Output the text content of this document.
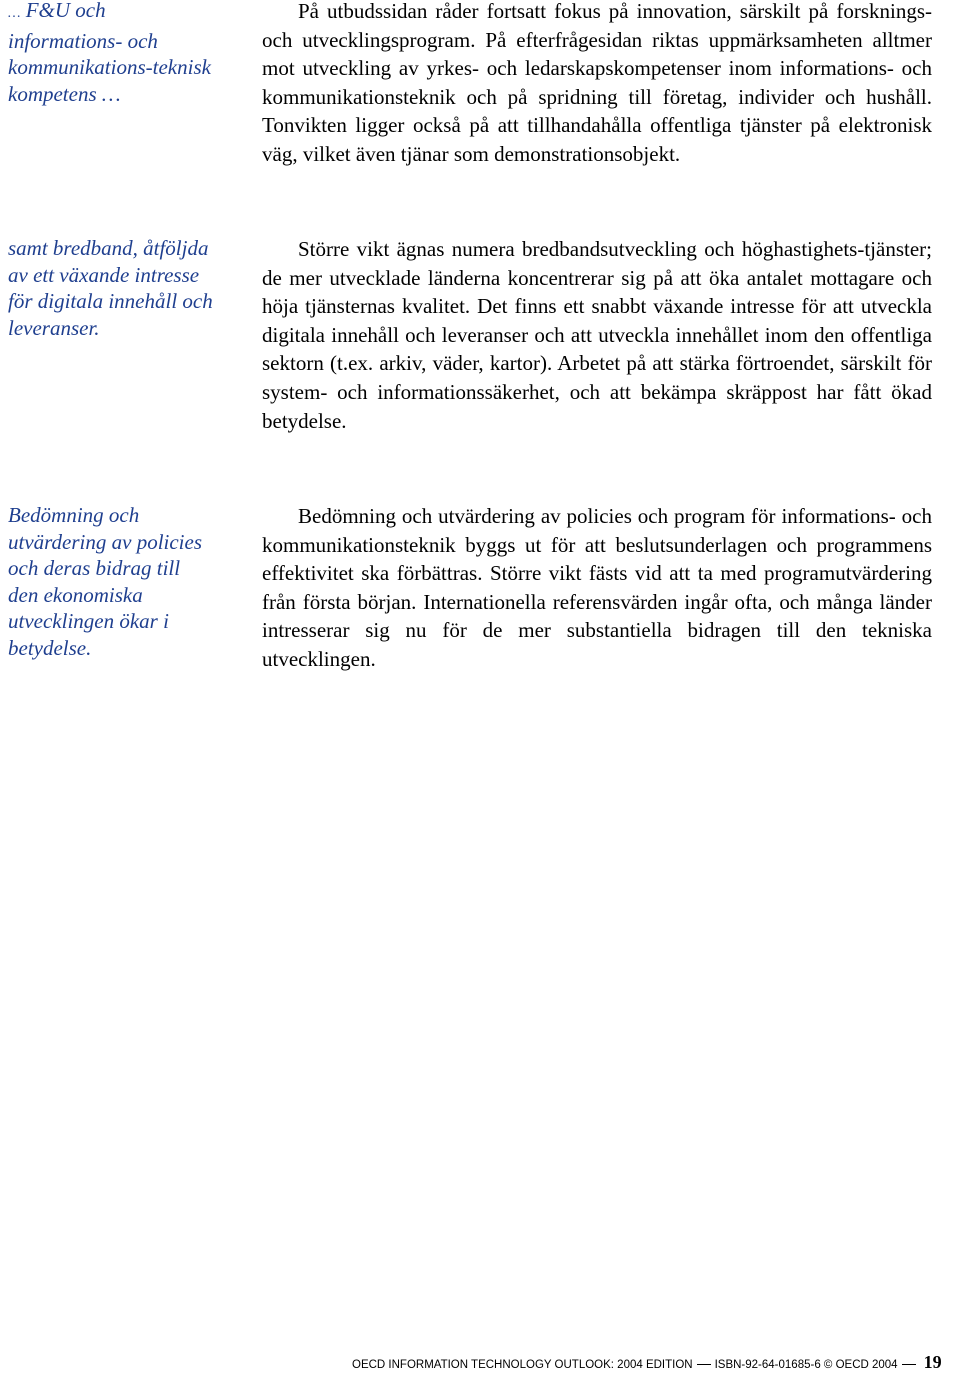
… F&U och informations- och kommunikations-teknisk kompetens …
samt bredband, åtföljda av ett växande intresse för digitala innehåll och leveranser.
Bedömning och utvärdering av policies och deras bidrag till den ekonomiska utvecklingen ökar i betydelse.

På utbudssidan råder fortsatt fokus på innovation, särskilt på forsknings- och utvecklingsprogram. På efterfrågesidan riktas uppmärksamheten alltmer mot utveckling av yrkes- och ledarskapskompetenser inom informations- och kommunikationsteknik och på spridning till företag, individer och hushåll. Tonvikten ligger också på att tillhandahålla offentliga tjänster på elektronisk väg, vilket även tjänar som demonstrationsobjekt.

Större vikt ägnas numera bredbandsutveckling och höghastighets-tjänster; de mer utvecklade länderna koncentrerar sig på att öka antalet mottagare och höja tjänsternas kvalitet. Det finns ett snabbt växande intresse för att utveckla digitala innehåll och leveranser och att utveckla innehållet inom den offentliga sektorn (t.ex. arkiv, väder, kartor). Arbetet på att stärka förtroendet, särskilt för system- och informationssäkerhet, och att bekämpa skräppost har fått ökad betydelse.

Bedömning och utvärdering av policies och program för informations- och kommunikationsteknik byggs ut för att beslutsunderlagen och programmens effektivitet ska förbättras. Större vikt fästs vid att ta med programutvärdering från första början. Internationella referensvärden ingår ofta, och många länder intresserar sig nu för de mer substantiella bidragen till den tekniska utvecklingen.

OECD INFORMATION TECHNOLOGY OUTLOOK: 2004 EDITION ISBN-92-64-01685-6 © OECD 2004 19
